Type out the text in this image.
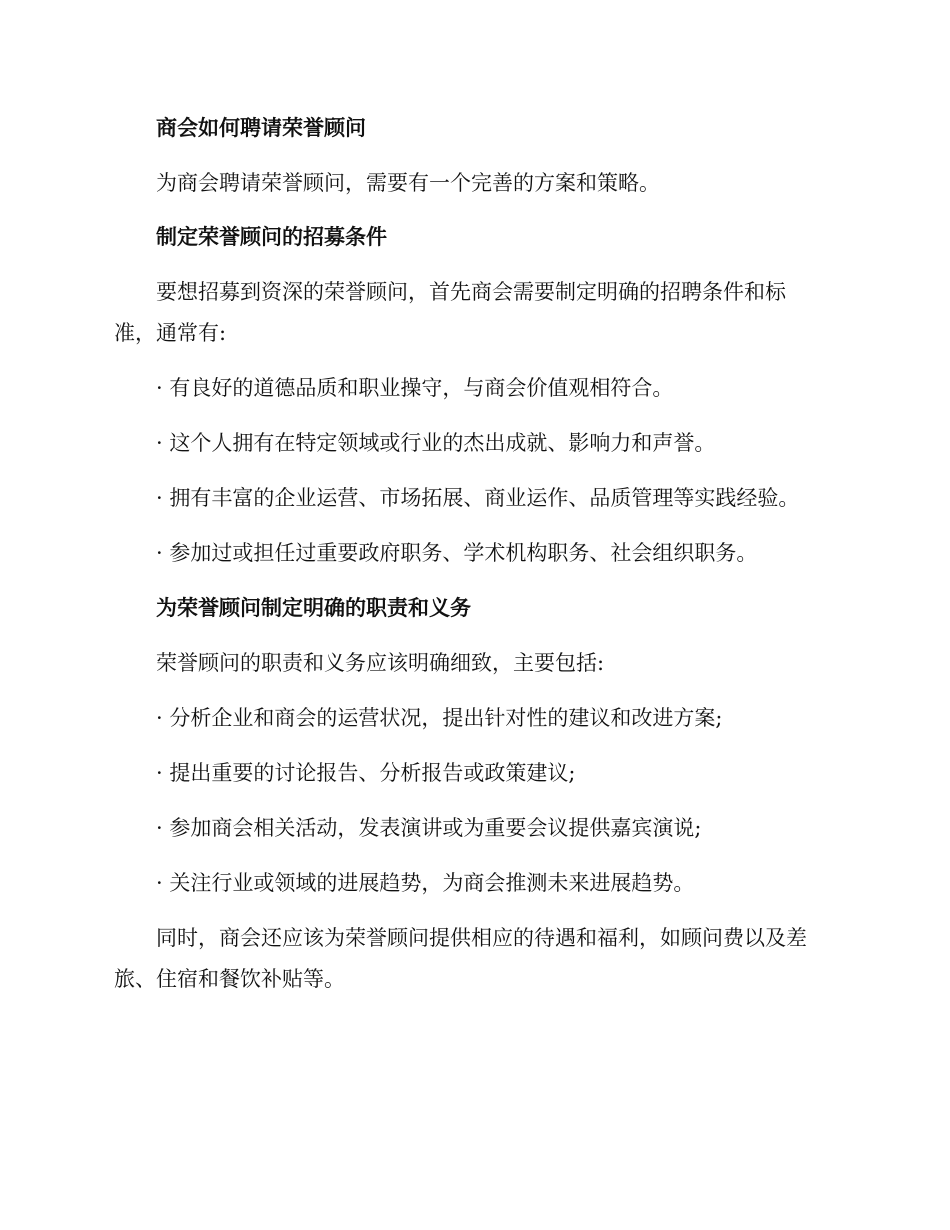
商会如何聘请荣誉顾问
为商会聘请荣誉顾问，需要有一个完善的方案和策略。
制定荣誉顾问的招募条件
要想招募到资深的荣誉顾问，首先商会需要制定明确的招聘条件和标
准，通常有:
· 有良好的道德品质和职业操守，与商会价值观相符合。
· 这个人拥有在特定领域或行业的杰出成就、影响力和声誉。
· 拥有丰富的企业运营、市场拓展、商业运作、品质管理等实践经验。
· 参加过或担任过重要政府职务、学术机构职务、社会组织职务。
为荣誉顾问制定明确的职责和义务
荣誉顾问的职责和义务应该明确细致，主要包括:
· 分析企业和商会的运营状况，提出针对性的建议和改进方案;
· 提出重要的讨论报告、分析报告或政策建议;
· 参加商会相关活动，发表演讲或为重要会议提供嘉宾演说;
· 关注行业或领域的进展趋势，为商会推测未来进展趋势。
同时，商会还应该为荣誉顾问提供相应的待遇和福利，如顾问费以及差
旅、住宿和餐饮补贴等。
